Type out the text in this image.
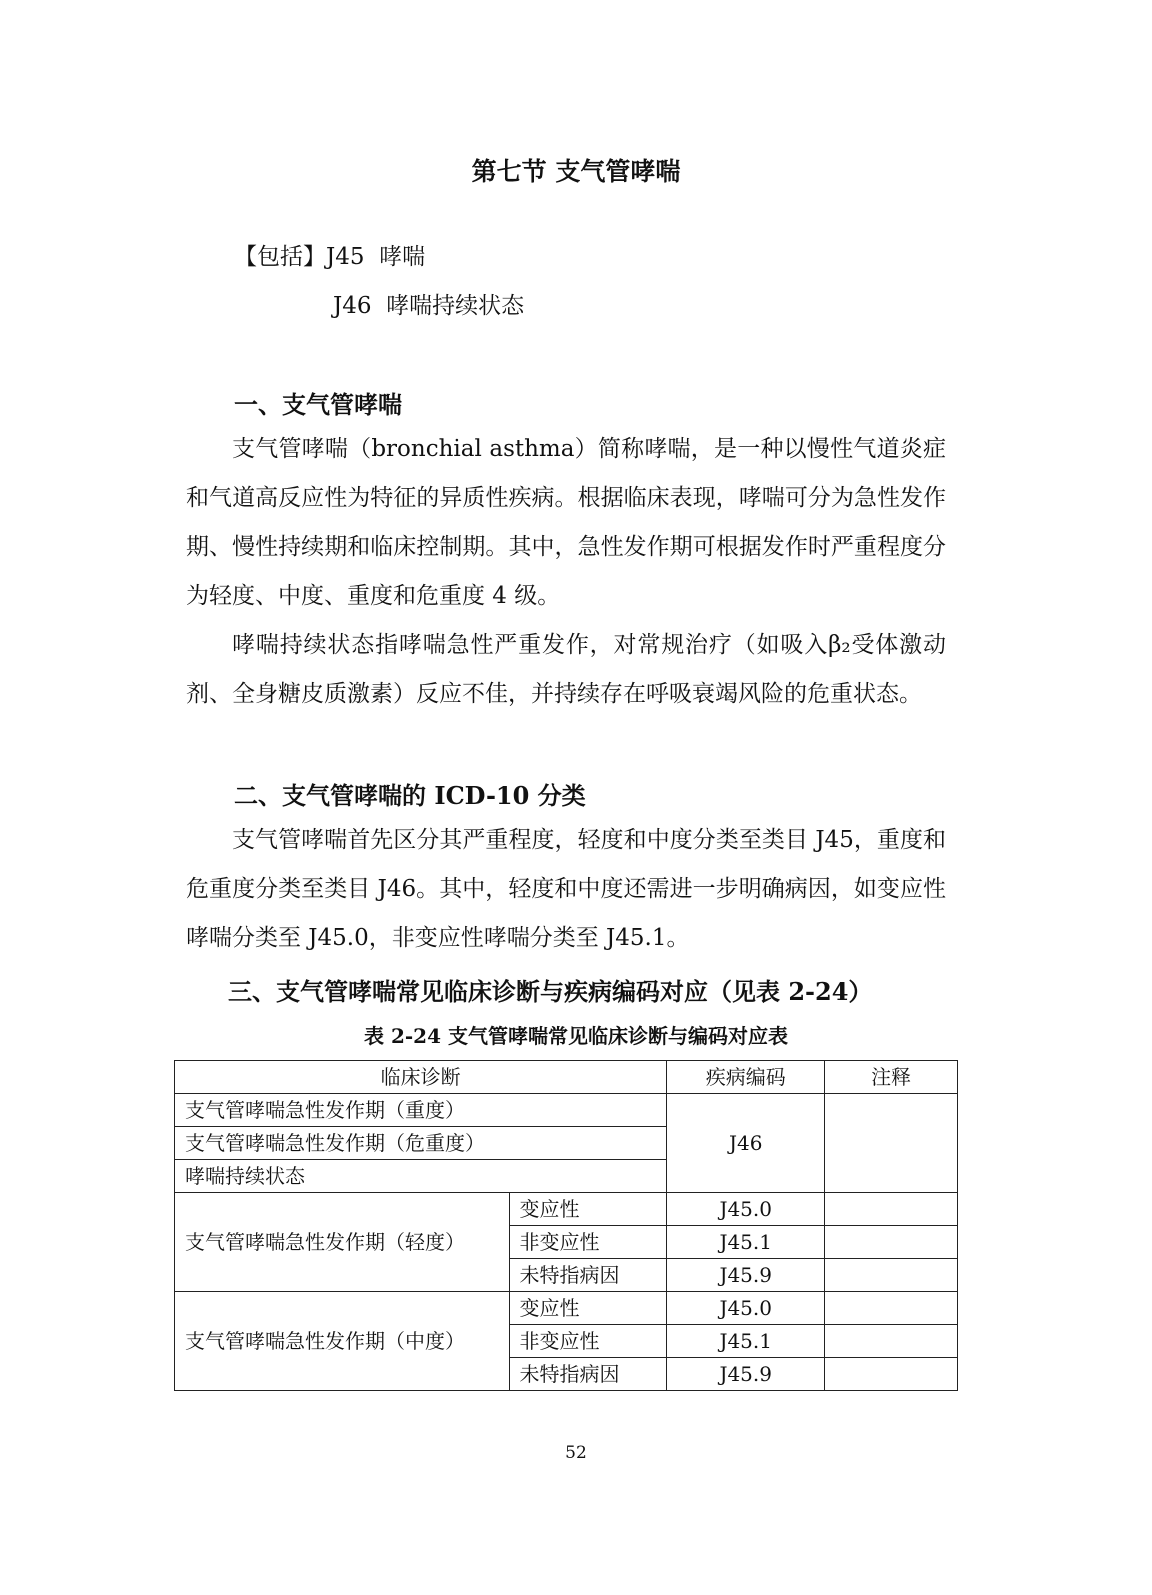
第七节 支气管哮喘
【包括】J45 哮喘
J46 哮喘持续状态
一、支气管哮喘

支气管哮喘（bronchial asthma）简称哮喘，是一种以慢性气道炎症和气道高反应性为特征的异质性疾病。根据临床表现，哮喘可分为急性发作期、慢性持续期和临床控制期。其中，急性发作期可根据发作时严重程度分为轻度、中度、重度和危重度 4 级。

哮喘持续状态指哮喘急性严重发作，对常规治疗（如吸入β₂受体激动剂、全身糖皮质激素）反应不佳，并持续存在呼吸衰竭风险的危重状态。

二、支气管哮喘的 ICD-10 分类

支气管哮喘首先区分其严重程度，轻度和中度分类至类目 J45，重度和危重度分类至类目 J46。其中，轻度和中度还需进一步明确病因，如变应性哮喘分类至 J45.0，非变应性哮喘分类至 J45.1。

三、支气管哮喘常见临床诊断与疾病编码对应（见表 2-24）
表 2-24 支气管哮喘常见临床诊断与编码对应表
临床诊断		疾病编码	注释
支气管哮喘急性发作期（重度）		J46	
支气管哮喘急性发作期（危重度）			
哮喘持续状态			
支气管哮喘急性发作期（轻度）	变应性	J45.0	
	非变应性	J45.1	
	未特指病因	J45.9	
支气管哮喘急性发作期（中度）	变应性	J45.0	
	非变应性	J45.1	
	未特指病因	J45.9	
52
